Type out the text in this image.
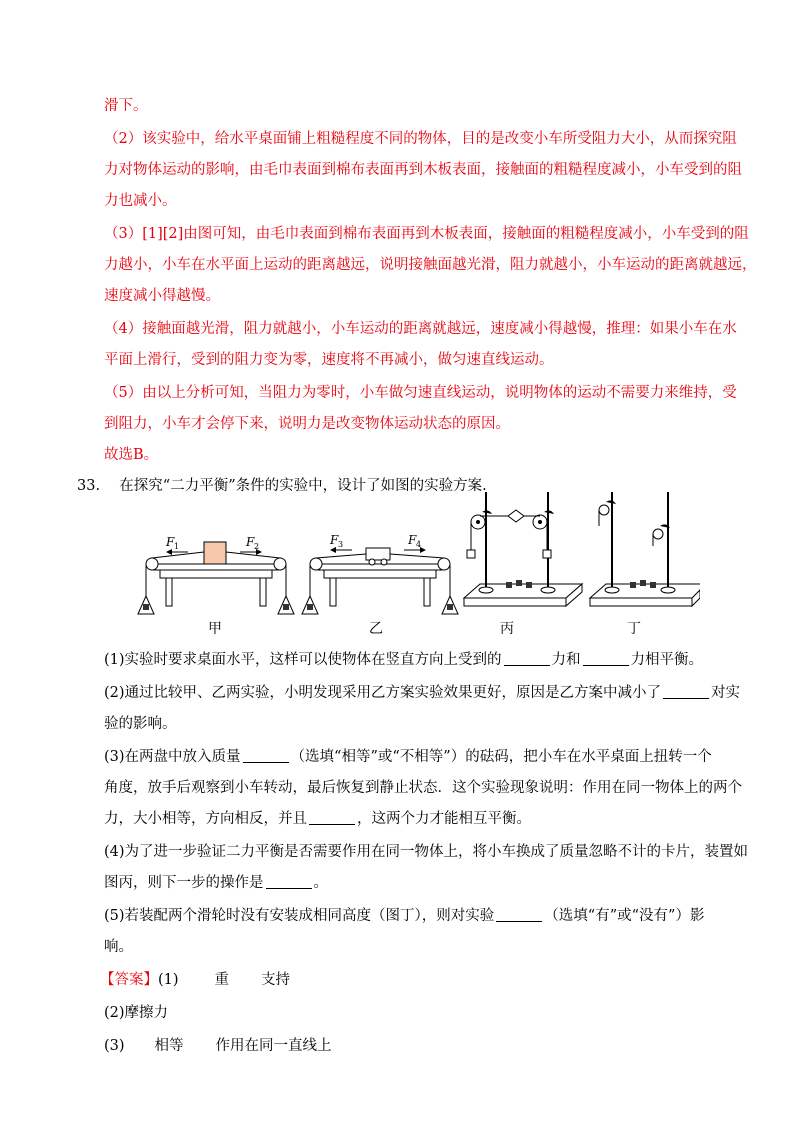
滑下。
（2）该实验中，给水平桌面铺上粗糙程度不同的物体，目的是改变小车所受阻力大小，从而探究阻
力对物体运动的影响，由毛巾表面到棉布表面再到木板表面，接触面的粗糙程度减小，小车受到的阻
力也减小。
（3）[1][2]由图可知，由毛巾表面到棉布表面再到木板表面，接触面的粗糙程度减小，小车受到的阻
力越小，小车在水平面上运动的距离越远，说明接触面越光滑，阻力就越小，小车运动的距离就越远，
速度减小得越慢。
（4）接触面越光滑，阻力就越小，小车运动的距离就越远，速度减小得越慢，推理：如果小车在水
平面上滑行，受到的阻力变为零，速度将不再减小，做匀速直线运动。
（5）由以上分析可知，当阻力为零时，小车做匀速直线运动，说明物体的运动不需要力来维持，受
到阻力，小车才会停下来，说明力是改变物体运动状态的原因。
故选B。
33. 在探究“二力平衡”条件的实验中，设计了如图的实验方案.
F 1	F 2	F 3	F 4
甲	乙	丙	丁
(1)实验时要求桌面水平，这样可以使物体在竖直方向上受到的	力和	力相平衡。
(2)通过比较甲、乙两实验，小明发现采用乙方案实验效果更好，原因是乙方案中减小了	对实
验的影响。
(3)在两盘中放入质量	（选填“相等”或“不相等”）的砝码，把小车在水平桌面上扭转一个
角度，放手后观察到小车转动，最后恢复到静止状态．这个实验现象说明：作用在同一物体上的两个
力，大小相等，方向相反，并且	，这两个力才能相互平衡。
(4)为了进一步验证二力平衡是否需要作用在同一物体上，将小车换成了质量忽略不计的卡片，装置如
图丙，则下一步的操作是	。
(5)若装配两个滑轮时没有安装成相同高度（图丁），则对实验	（选填“有”或“没有”）影
响。
【答案】(1) 重 支持
(2)摩擦力
(3) 相等 作用在同一直线上
